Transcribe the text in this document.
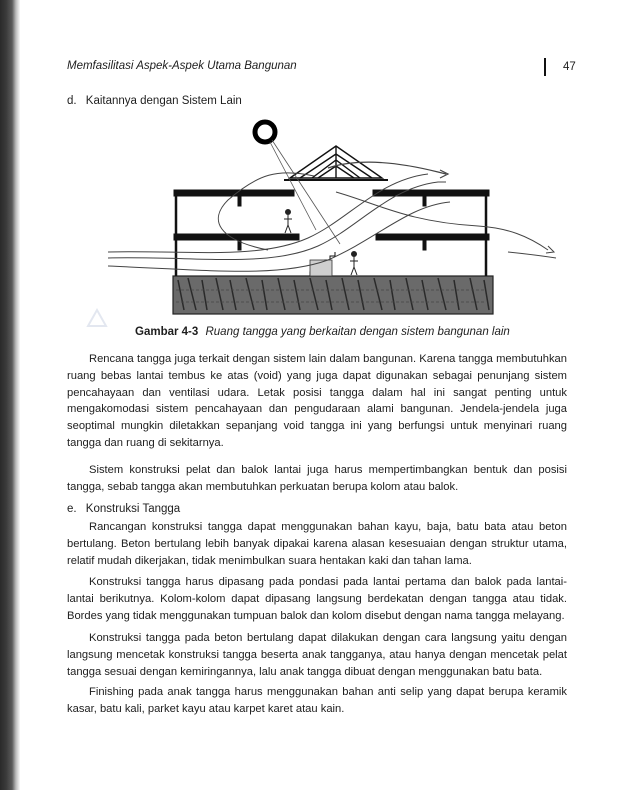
Memfasilitasi Aspek-Aspek Utama Bangunan	47
d. Kaitannya dengan Sistem Lain
Gambar 4-3 Ruang tangga yang berkaitan dengan sistem bangunan lain

Rencana tangga juga terkait dengan sistem lain dalam bangunan. Karena tangga membutuhkan ruang bebas lantai tembus ke atas (void) yang juga dapat digunakan sebagai penunjang sistem pencahayaan dan ventilasi udara. Letak posisi tangga dalam hal ini sangat penting untuk mengakomodasi sistem pencahayaan dan pengudaraan alami bangunan. Jendela-jendela juga seoptimal mungkin diletakkan sepanjang void tangga ini yang berfungsi untuk menyinari ruang tangga dan ruang di sekitarnya.

Sistem konstruksi pelat dan balok lantai juga harus mempertimbangkan bentuk dan posisi tangga, sebab tangga akan membutuhkan perkuatan berupa kolom atau balok.

e. Konstruksi Tangga

Rancangan konstruksi tangga dapat menggunakan bahan kayu, baja, batu bata atau beton bertulang. Beton bertulang lebih banyak dipakai karena alasan kesesuaian dengan struktur utama, relatif mudah dikerjakan, tidak menimbulkan suara hentakan kaki dan tahan lama.

Konstruksi tangga harus dipasang pada pondasi pada lantai pertama dan balok pada lantai-lantai berikutnya. Kolom-kolom dapat dipasang langsung berdekatan dengan tangga atau tidak. Bordes yang tidak menggunakan tumpuan balok dan kolom disebut dengan nama tangga melayang.

Konstruksi tangga pada beton bertulang dapat dilakukan dengan cara langsung yaitu dengan langsung mencetak konstruksi tangga beserta anak tangganya, atau hanya dengan mencetak pelat tangga sesuai dengan kemiringannya, lalu anak tangga dibuat dengan menggunakan batu bata.

Finishing pada anak tangga harus menggunakan bahan anti selip yang dapat berupa keramik kasar, batu kali, parket kayu atau karpet karet atau kain.
